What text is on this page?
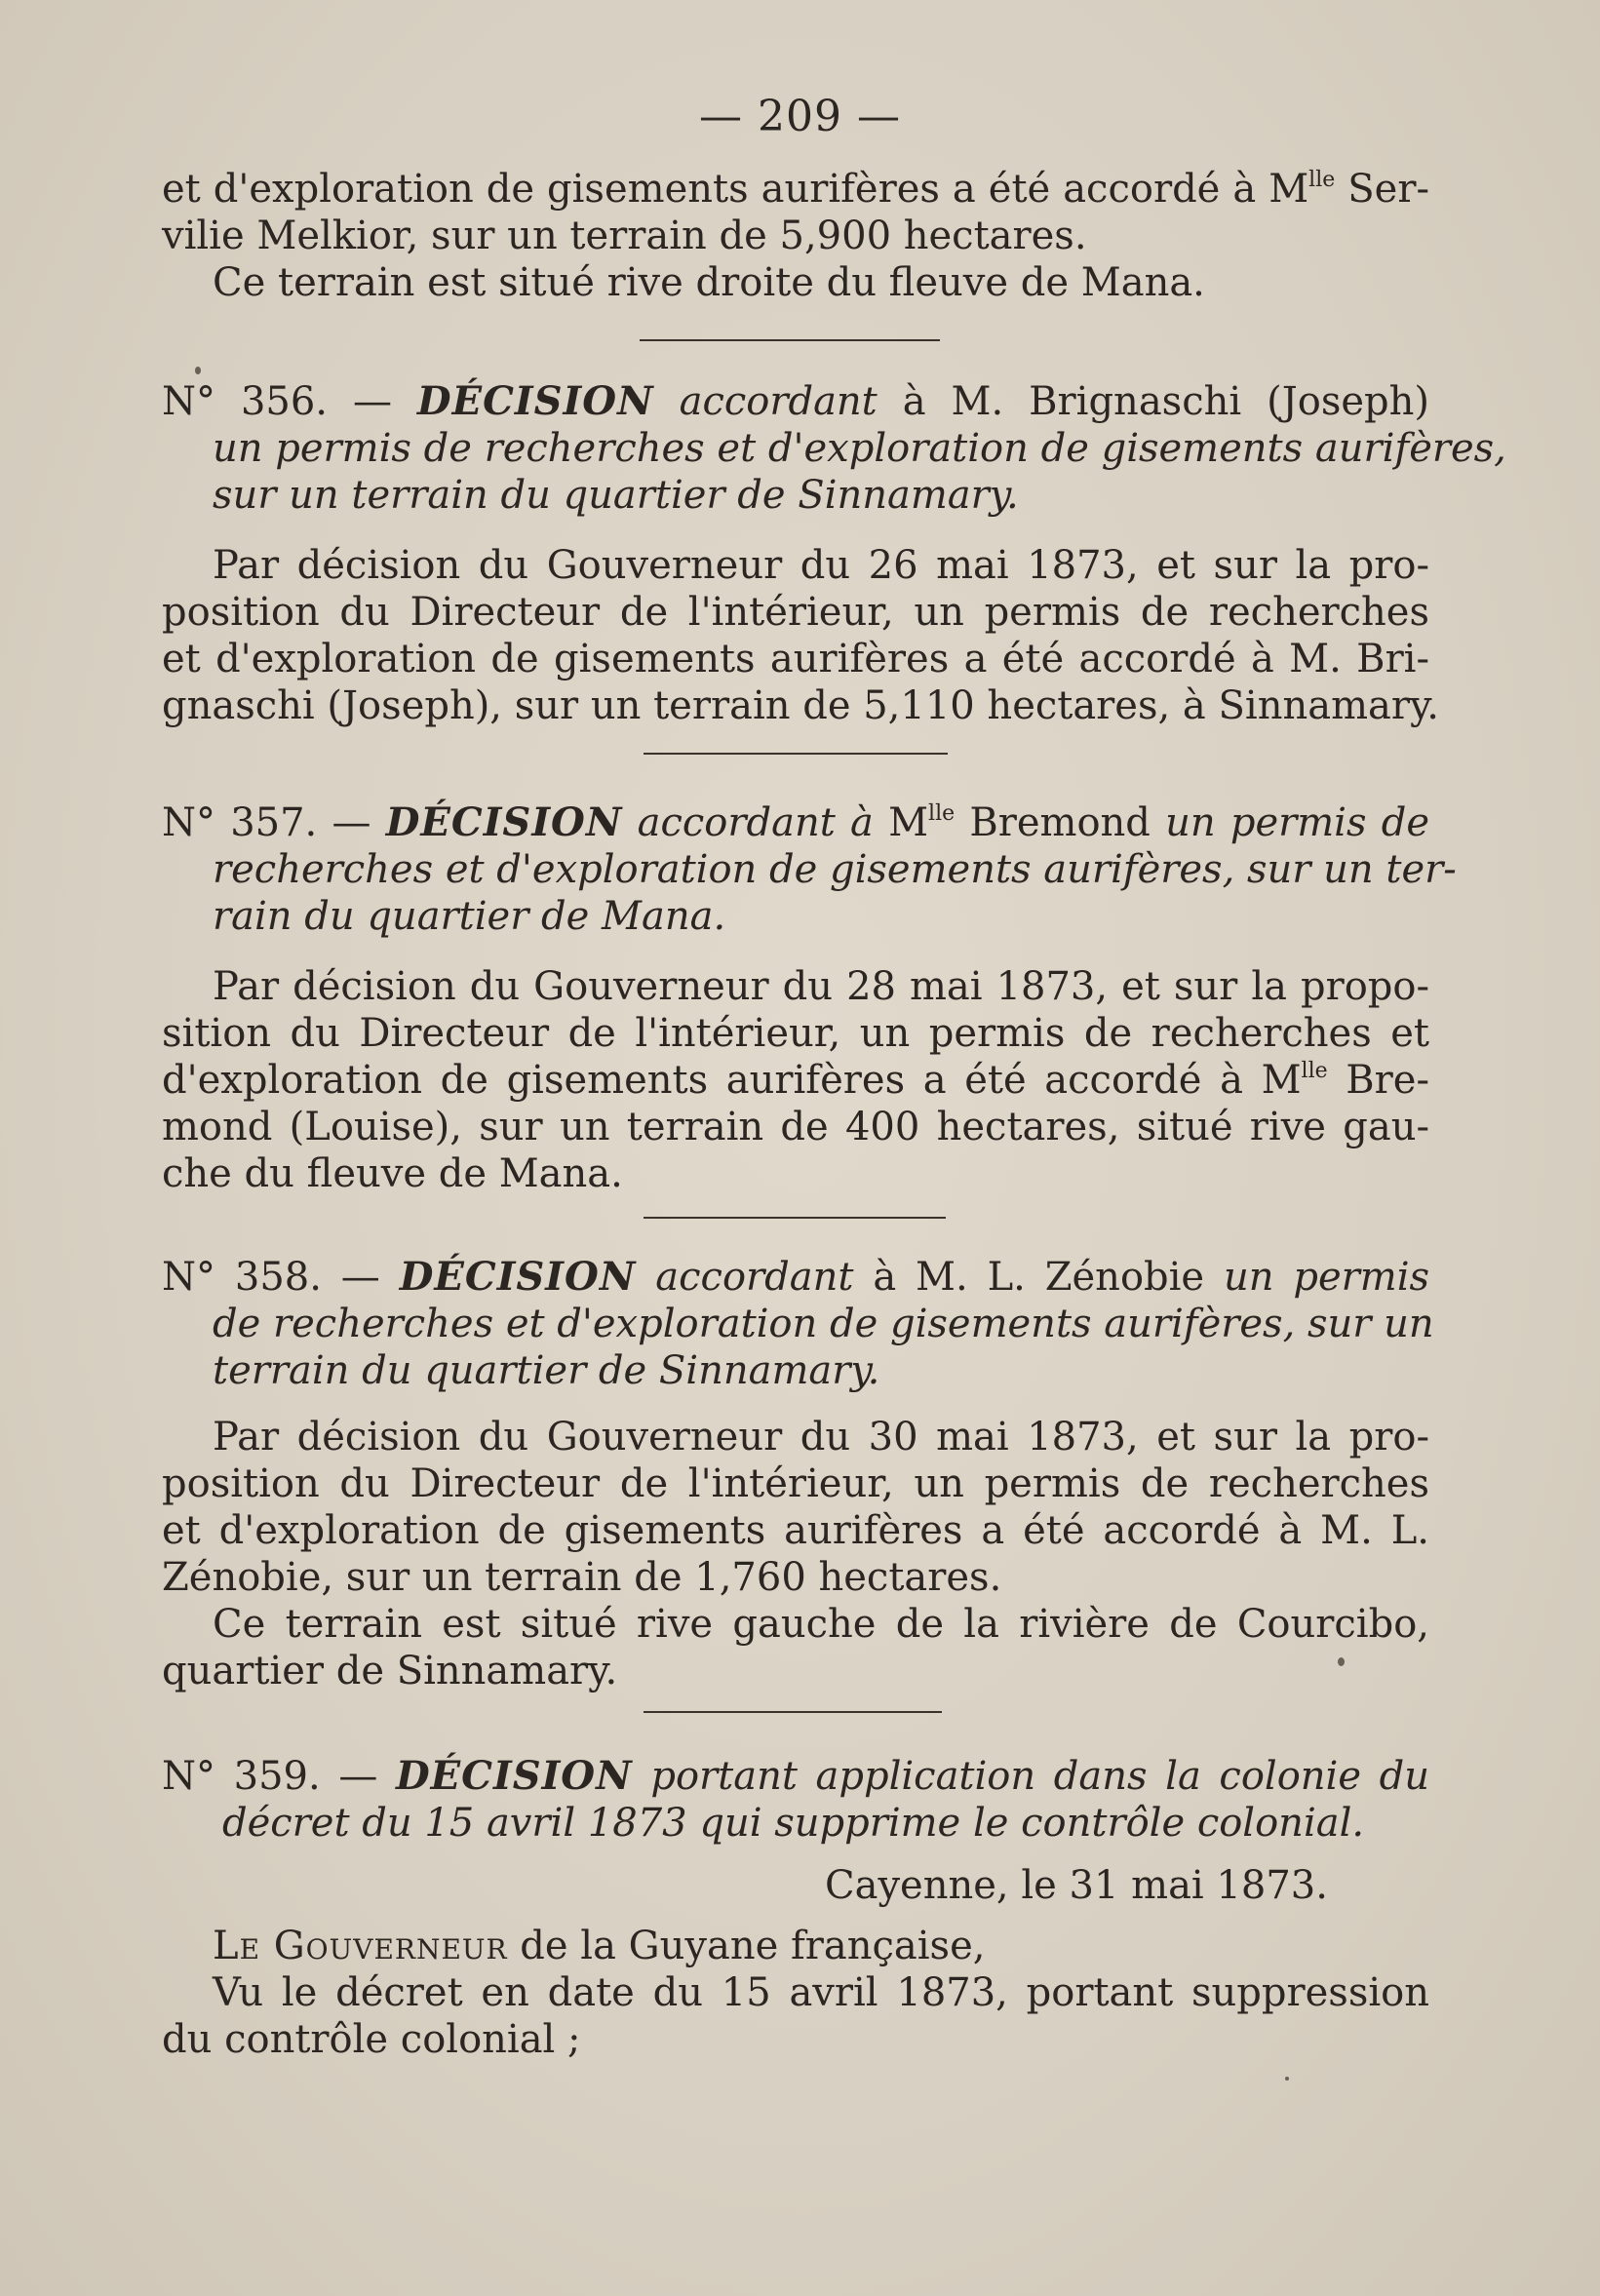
— 209 —
et d'exploration de gisements aurifères a été accordé à $M^{lle}$ Ser-
vilie Melkior, sur un terrain de 5,900 hectares.
Ce terrain est situé rive droite du fleuve de Mana.
N° 356. — DÉCISION accordant à M. Brignaschi (Joseph)
un permis de recherches et d'exploration de gisements aurifères,
sur un terrain du quartier de Sinnamary.
Par décision du Gouverneur du 26 mai 1873, et sur la pro-
position du Directeur de l'intérieur, un permis de recherches
et d'exploration de gisements aurifères a été accordé à M. Bri-
gnaschi (Joseph), sur un terrain de 5,110 hectares, à Sinnamary.
N° 357. — DÉCISION accordant à $M^{lle}$ Bremond un permis de
recherches et d'exploration de gisements aurifères, sur un ter-
rain du quartier de Mana.
Par décision du Gouverneur du 28 mai 1873, et sur la propo-
sition du Directeur de l'intérieur, un permis de recherches et
d'exploration de gisements aurifères a été accordé à $M^{lle}$ Bre-
mond (Louise), sur un terrain de 400 hectares, situé rive gau-
che du fleuve de Mana.
N° 358. — DÉCISION accordant à M. L. Zénobie un permis
de recherches et d'exploration de gisements aurifères, sur un
terrain du quartier de Sinnamary.
Par décision du Gouverneur du 30 mai 1873, et sur la pro-
position du Directeur de l'intérieur, un permis de recherches
et d'exploration de gisements aurifères a été accordé à M. L.
Zénobie, sur un terrain de 1,760 hectares.
Ce terrain est situé rive gauche de la rivière de Courcibo,
quartier de Sinnamary.
N° 359. — DÉCISION portant application dans la colonie du
décret du 15 avril 1873 qui supprime le contrôle colonial.
Cayenne, le 31 mai 1873.
Le Gouverneur de la Guyane française,
Vu le décret en date du 15 avril 1873, portant suppression
du contrôle colonial ;
